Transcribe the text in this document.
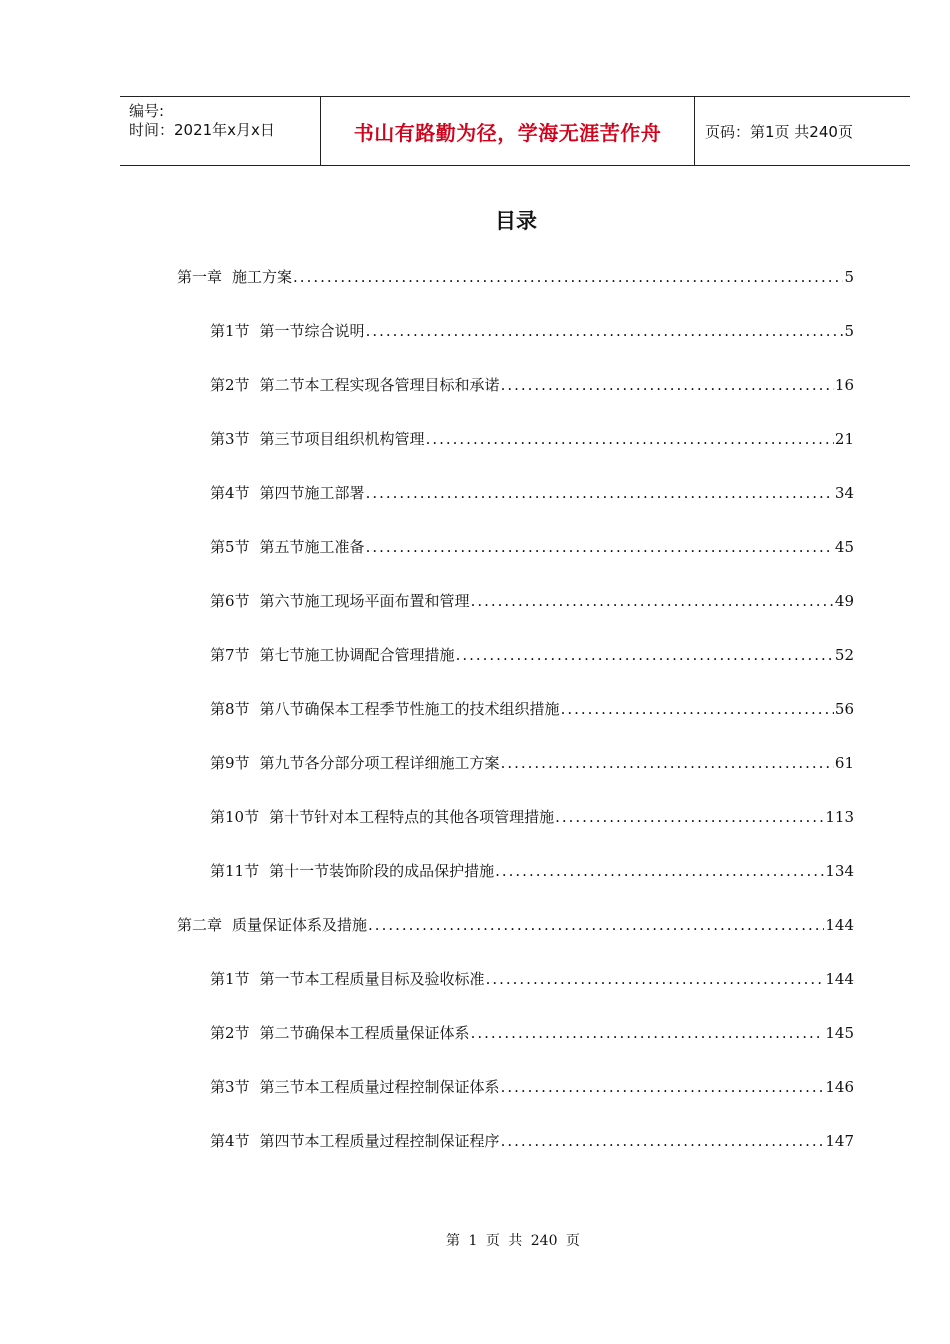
编号:
时间：2021年x月x日	书山有路勤为径，学海无涯苦作舟	页码：第1页 共240页
目录
第一章 施工方案 .....	5
第1节 第一节综合说明 .....	5
第2节 第二节本工程实现各管理目标和承诺 .....	16
第3节 第三节项目组织机构管理 .....	21
第4节 第四节施工部署 .....	34
第5节 第五节施工准备 .....	45
第6节 第六节施工现场平面布置和管理 .....	49
第7节 第七节施工协调配合管理措施 .....	52
第8节 第八节确保本工程季节性施工的技术组织措施 .....	56
第9节 第九节各分部分项工程详细施工方案 .....	61
第10节 第十节针对本工程特点的其他各项管理措施 .....	113
第11节 第十一节装饰阶段的成品保护措施 .....	134
第二章 质量保证体系及措施 .....	144
第1节 第一节本工程质量目标及验收标准 .....	144
第2节 第二节确保本工程质量保证体系 .....	145
第3节 第三节本工程质量过程控制保证体系 .....	146
第4节 第四节本工程质量过程控制保证程序 .....	147
第 1 页 共 240 页
